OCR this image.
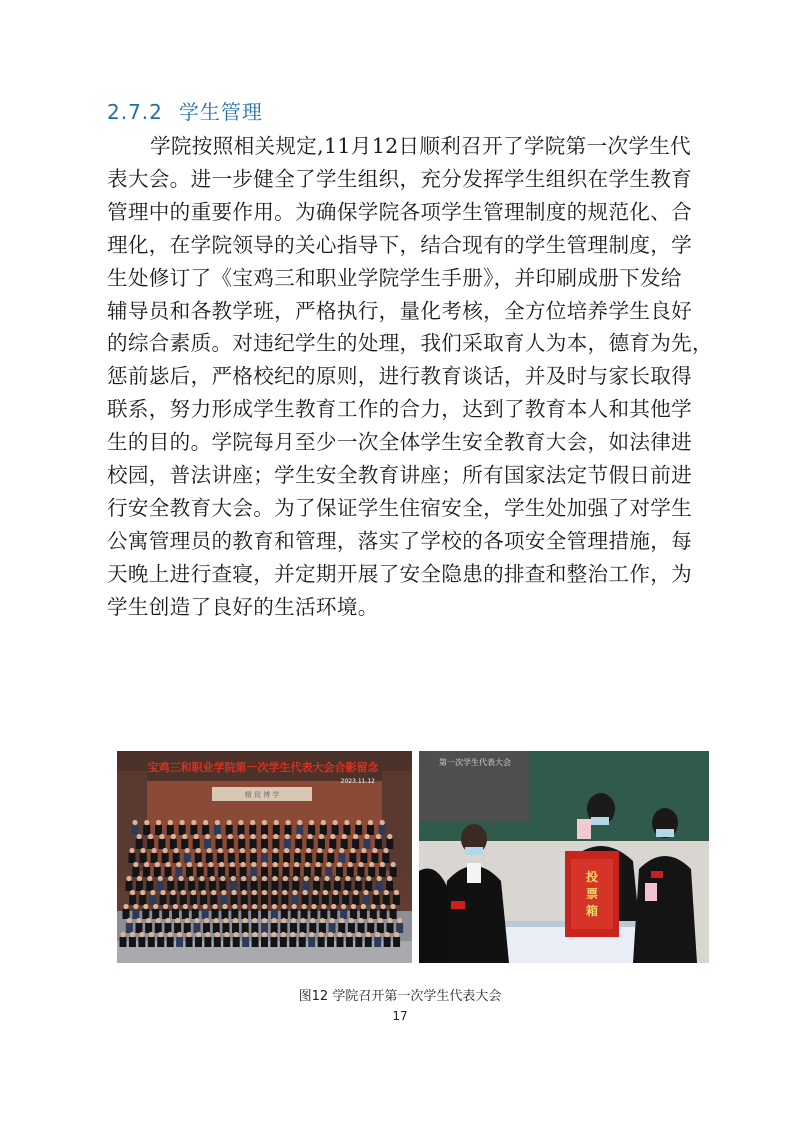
2.7.2 学生管理
学院按照相关规定,11月12日顺利召开了学院第一次学生代
表大会。进一步健全了学生组织，充分发挥学生组织在学生教育
管理中的重要作用。为确保学院各项学生管理制度的规范化、合
理化，在学院领导的关心指导下，结合现有的学生管理制度，学
生处修订了《宝鸡三和职业学院学生手册》，并印刷成册下发给
辅导员和各教学班，严格执行，量化考核，全方位培养学生良好
的综合素质。对违纪学生的处理，我们采取育人为本，德育为先，
惩前毖后，严格校纪的原则，进行教育谈话，并及时与家长取得
联系，努力形成学生教育工作的合力，达到了教育本人和其他学
生的目的。学院每月至少一次全体学生安全教育大会，如法律进
校园，普法讲座；学生安全教育讲座；所有国家法定节假日前进
行安全教育大会。为了保证学生住宿安全，学生处加强了对学生
公寓管理员的教育和管理，落实了学校的各项安全管理措施，每
天晚上进行查寝，并定期开展了安全隐患的排查和整治工作，为
学生创造了良好的生活环境。
精 致 博 学
宝鸡三和职业学院第一次学生代表大会合影留念
2023.11.12
第一次学生代表大会
投
票
箱
图12 学院召开第一次学生代表大会
17
